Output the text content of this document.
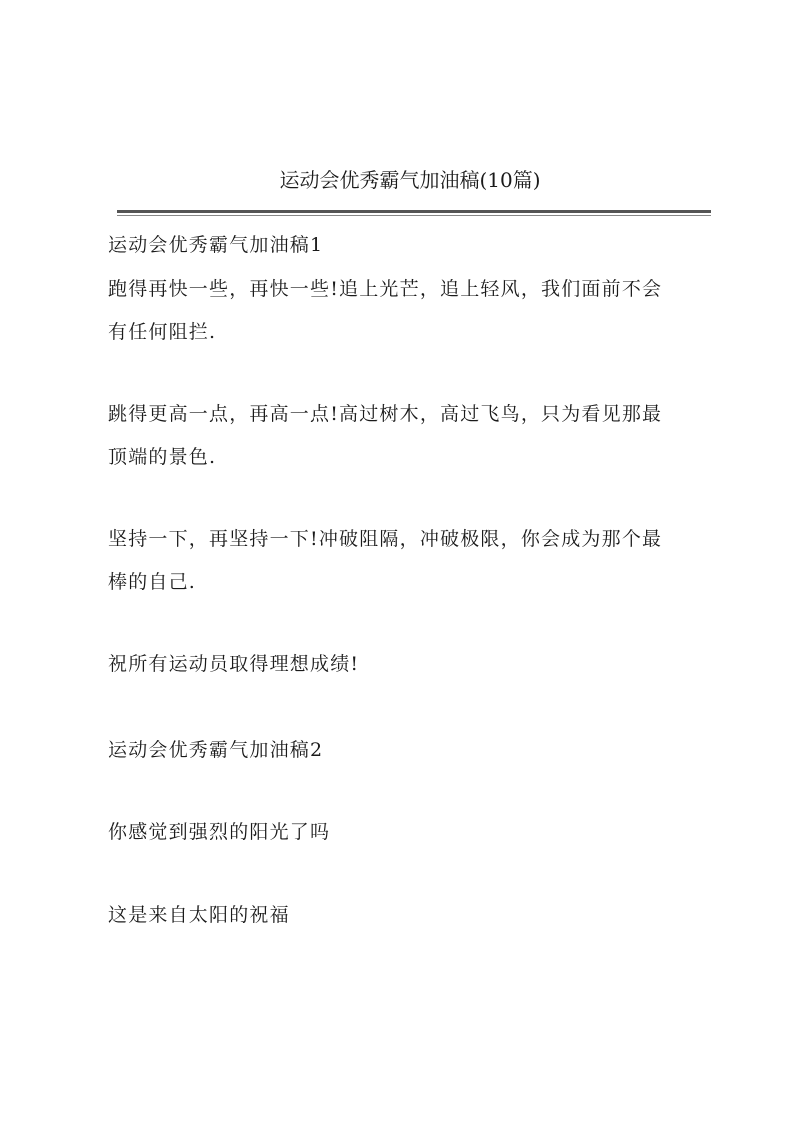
运动会优秀霸气加油稿(10篇)
运动会优秀霸气加油稿1
跑得再快一些，再快一些!追上光芒，追上轻风，我们面前不会
有任何阻拦.
跳得更高一点，再高一点!高过树木，高过飞鸟，只为看见那最
顶端的景色.
坚持一下，再坚持一下!冲破阻隔，冲破极限，你会成为那个最
棒的自己.
祝所有运动员取得理想成绩!
运动会优秀霸气加油稿2
你感觉到强烈的阳光了吗
这是来自太阳的祝福
